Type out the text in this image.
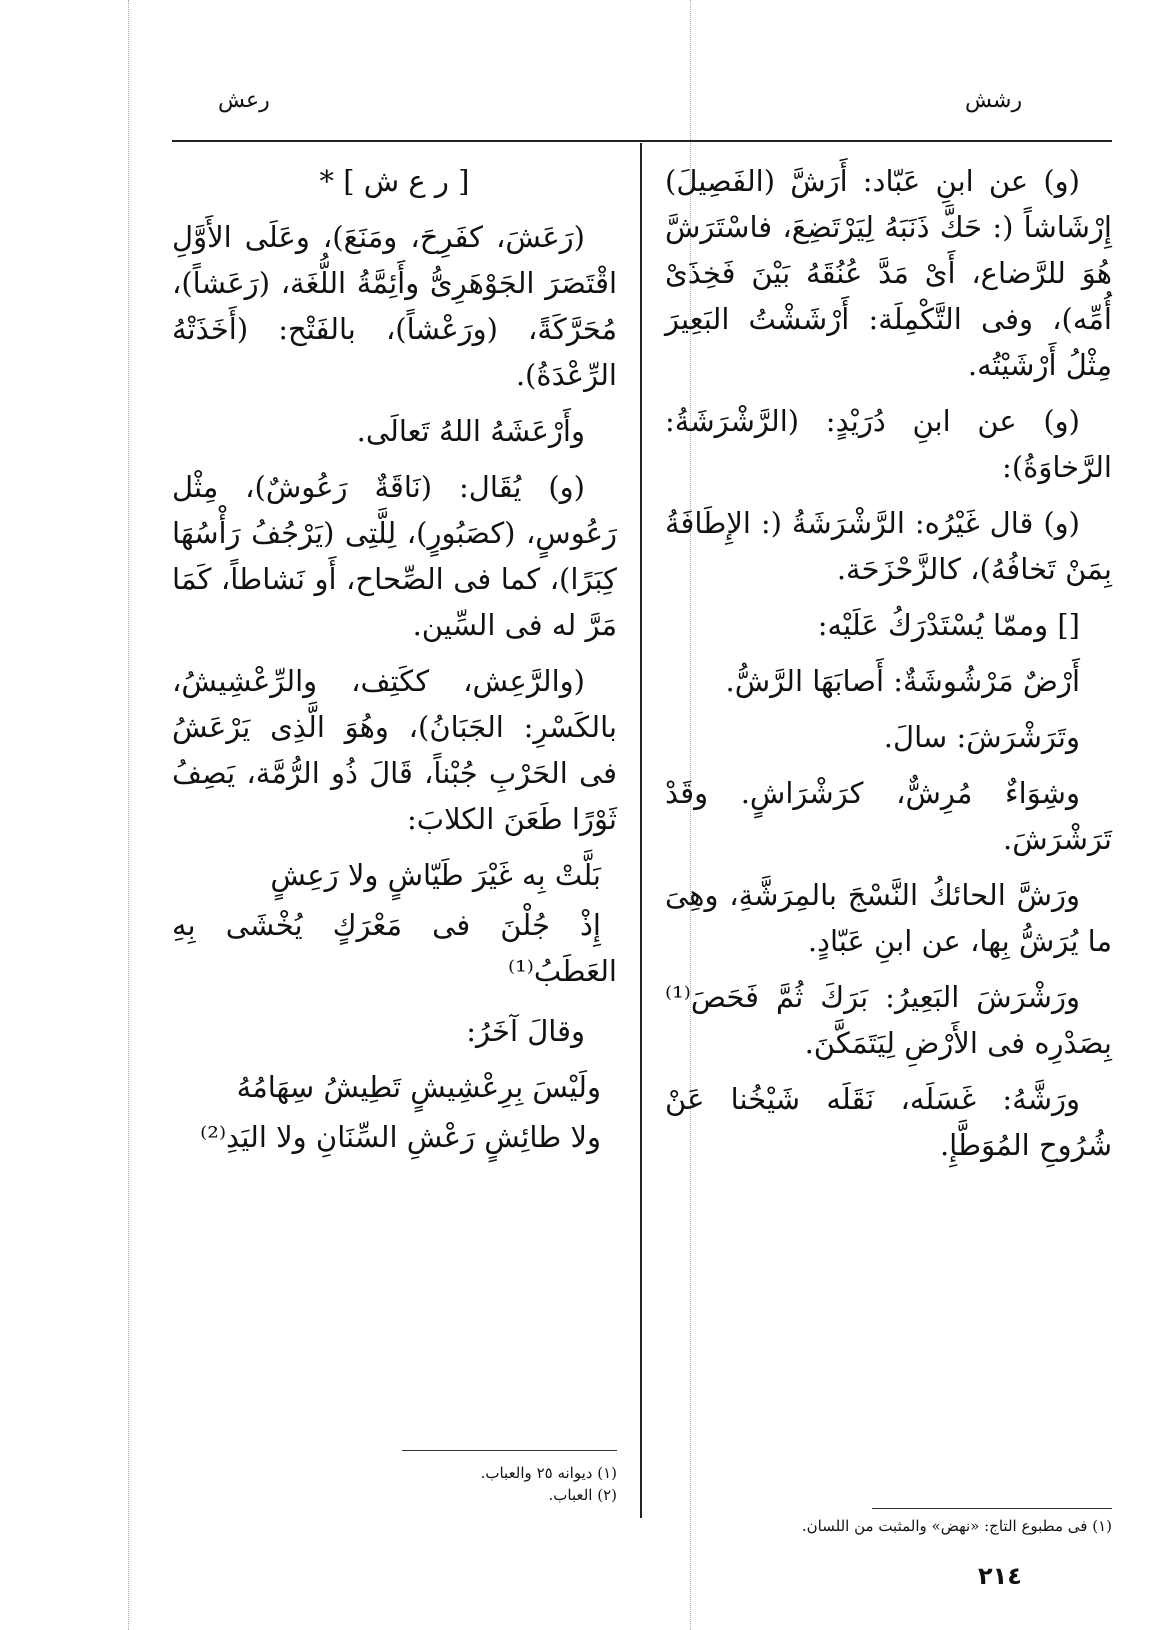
رشش
رعش

(و) عن ابنِ عَبّاد: أَرَشَّ (الفَصِيلَ) إِرْشَاشاً (: حَكَّ ذَنَبَهُ لِيَرْتَضِعَ، فاسْتَرَشَّ هُوَ للرَّضاع، أَىْ مَدَّ عُنُقَهُ بَيْنَ فَخِذَىْ أُمِّه)، وفى التَّكْمِلَة: أَرْشَشْتُ البَعِيرَ مِثْلُ أَرْشَيْتُه.

(و) عن ابنِ دُرَيْدٍ: (الرَّشْرَشَةُ: الرَّخاوَةُ):

(و) قال غَيْرُه: الرَّشْرَشَةُ (: الإِطَافَةُ بِمَنْ تَخافُهُ)، كالزَّحْزَحَة.

[] وممّا يُسْتَدْرَكُ عَلَيْه:

أَرْضٌ مَرْشُوشَةٌ: أَصابَهَا الرَّشُّ.

وتَرَشْرَشَ: سالَ.

وشِوَاءٌ مُرِشٌّ، كرَشْرَاشٍ. وقَدْ تَرَشْرَشَ.

ورَشَّ الحائكُ النَّسْجَ بالمِرَشَّةِ، وهِىَ ما يُرَشُّ بِها، عن ابنِ عَبّادٍ.

ورَشْرَشَ البَعِيرُ: بَرَكَ ثُمَّ فَحَصَ⁽¹⁾ بِصَدْرِه فى الأَرْضِ لِيَتَمَكَّنَ.

ورَشَّهُ: غَسَلَه، نَقَلَه شَيْخُنا عَنْ شُرُوحِ المُوَطَّإِ.

[ ر ع ش ] *

(رَعَشَ، كفَرِحَ، ومَنَعَ)، وعَلَى الأَوَّلِ اقْتَصَرَ الجَوْهَرِىُّ وأَئِمَّةُ اللُّغَة، (رَعَشاً)، مُحَرَّكَةً، (ورَعْشاً)، بالفَتْح: (أَخَذَتْهُ الرِّعْدَةُ).

وأَرْعَشَهُ اللهُ تَعالَى.

(و) يُقَال: (نَاقَةٌ رَعُوشٌ)، مِثْل رَعُوسٍ، (كصَبُورٍ)، لِلَّتِى (يَرْجُفُ رَأْسُهَا كِبَرًا)، كما فى الصِّحاح، أَو نَشاطاً، كَمَا مَرَّ له فى السِّين.

(والرَّعِش، ككَتِف، والرِّعْشِيشُ، بالكَسْرِ: الجَبَانُ)، وهُوَ الَّذِى يَرْعَشُ فى الحَرْبِ جُبْناً، قَالَ ذُو الرُّمَّة، يَصِفُ ثَوْرًا طَعَنَ الكلابَ:

بَلَّتْ بِه غَيْرَ طَيّاشٍ ولا رَعِشٍ

إِذْ جُلْنَ فى مَعْرَكٍ يُخْشَى بِهِ العَطَبُ⁽¹⁾

وقالَ آخَرُ:

ولَيْسَ بِرِعْشِيشٍ تَطِيشُ سِهَامُهُ

ولا طائِشٍ رَعْشِ السِّنَانِ ولا اليَدِ⁽²⁾

(١) فى مطبوع التاج: «نهض» والمثبت من اللسان.
(١) ديوانه ٢٥ والعباب.
(٢) العباب.
٢١٤
